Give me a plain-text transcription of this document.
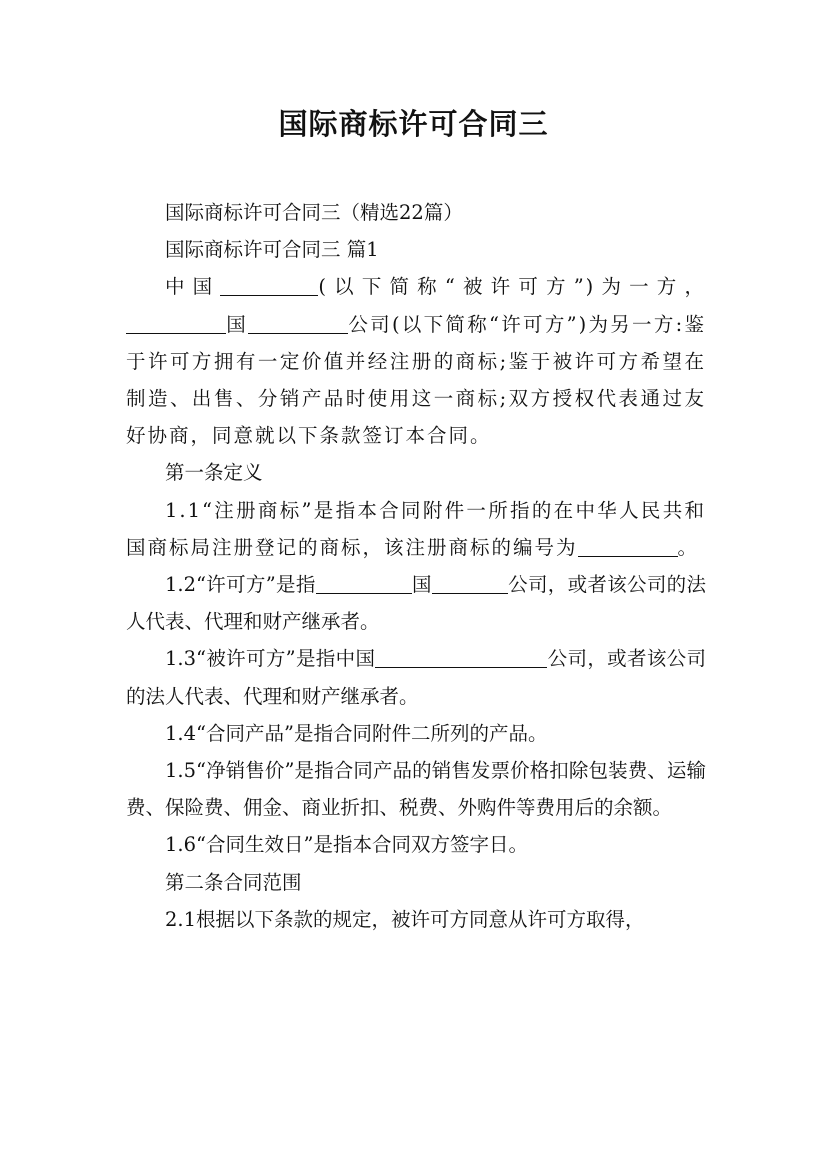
国际商标许可合同三

国际商标许可合同三（精选22篇）

国际商标许可合同三 篇1

中国	(以下简称“被许可方”)为一方，国	公司(以下简称“许可方”)为另一方:鉴于许可方拥有一定价值并经注册的商标;鉴于被许可方希望在制造、出售、分销产品时使用这一商标;双方授权代表通过友好协商，同意就以下条款签订本合同。

第一条定义

1.1“注册商标”是指本合同附件一所指的在中华人民共和国商标局注册登记的商标，该注册商标的编号为	。

1.2“许可方”是指	国	公司，或者该公司的法人代表、代理和财产继承者。

1.3“被许可方”是指中国	公司，或者该公司的法人代表、代理和财产继承者。

1.4“合同产品”是指合同附件二所列的产品。

1.5“净销售价”是指合同产品的销售发票价格扣除包装费、运输费、保险费、佣金、商业折扣、税费、外购件等费用后的余额。

1.6“合同生效日”是指本合同双方签字日。

第二条合同范围

2.1根据以下条款的规定，被许可方同意从许可方取得，
